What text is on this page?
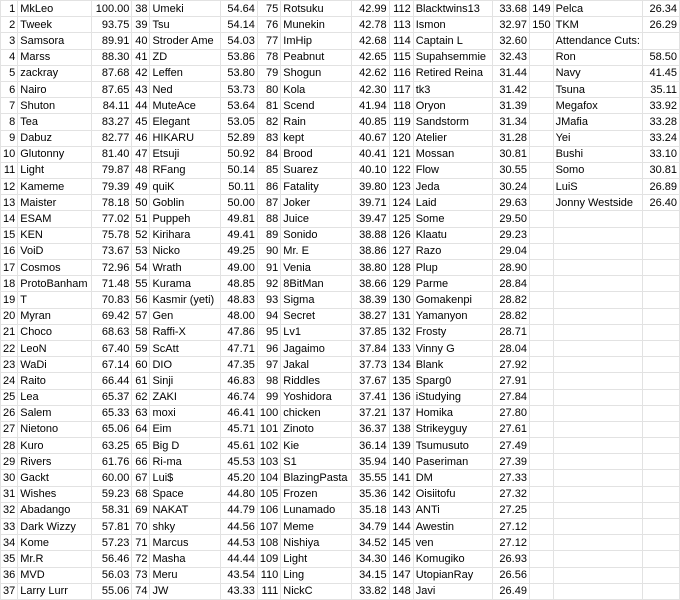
1	MkLeo	100.00	38	Umeki	54.64	75	Rotsuku	42.99	112	Blacktwins13	33.68	149	Pelca	26.34
2	Tweek	93.75	39	Tsu	54.14	76	Munekin	42.78	113	Ismon	32.97	150	TKM	26.29
3	Samsora	89.91	40	Stroder Ame	54.03	77	ImHip	42.68	114	Captain L	32.60		Attendance Cuts:	
4	Marss	88.30	41	ZD	53.86	78	Peabnut	42.65	115	Supahsemmie	32.43		Ron	58.50
5	zackray	87.68	42	Leffen	53.80	79	Shogun	42.62	116	Retired Reina	31.44		Navy	41.45
6	Nairo	87.65	43	Ned	53.73	80	Kola	42.30	117	tk3	31.42		Tsuna	35.11
7	Shuton	84.11	44	MuteAce	53.64	81	Scend	41.94	118	Oryon	31.39		Megafox	33.92
8	Tea	83.27	45	Elegant	53.05	82	Rain	40.85	119	Sandstorm	31.34		JMafia	33.28
9	Dabuz	82.77	46	HIKARU	52.89	83	kept	40.67	120	Atelier	31.28		Yei	33.24
10	Glutonny	81.40	47	Etsuji	50.92	84	Brood	40.41	121	Mossan	30.81		Bushi	33.10
11	Light	79.87	48	RFang	50.14	85	Suarez	40.10	122	Flow	30.55		Somo	30.81
12	Kameme	79.39	49	quiK	50.11	86	Fatality	39.80	123	Jeda	30.24		LuiS	26.89
13	Maister	78.18	50	Goblin	50.00	87	Joker	39.71	124	Laid	29.63		Jonny Westside	26.40
14	ESAM	77.02	51	Puppeh	49.81	88	Juice	39.47	125	Some	29.50			
15	KEN	75.78	52	Kirihara	49.41	89	Sonido	38.88	126	Klaatu	29.23			
16	VoiD	73.67	53	Nicko	49.25	90	Mr. E	38.86	127	Razo	29.04			
17	Cosmos	72.96	54	Wrath	49.00	91	Venia	38.80	128	Plup	28.90			
18	ProtoBanham	71.48	55	Kurama	48.85	92	8BitMan	38.66	129	Parme	28.84			
19	T	70.83	56	Kasmir (yeti)	48.83	93	Sigma	38.39	130	Gomakenpi	28.82			
20	Myran	69.42	57	Gen	48.00	94	Secret	38.27	131	Yamanyon	28.82			
21	Choco	68.63	58	Raffi-X	47.86	95	Lv1	37.85	132	Frosty	28.71			
22	LeoN	67.40	59	ScAtt	47.71	96	Jagaimo	37.84	133	Vinny G	28.04			
23	WaDi	67.14	60	DIO	47.35	97	Jakal	37.73	134	Blank	27.92			
24	Raito	66.44	61	Sinji	46.83	98	Riddles	37.67	135	Sparg0	27.91			
25	Lea	65.37	62	ZAKI	46.74	99	Yoshidora	37.41	136	iStudying	27.84			
26	Salem	65.33	63	moxi	46.41	100	chicken	37.21	137	Homika	27.80			
27	Nietono	65.06	64	Eim	45.71	101	Zinoto	36.37	138	Strikeyguy	27.61			
28	Kuro	63.25	65	Big D	45.61	102	Kie	36.14	139	Tsumusuto	27.49			
29	Rivers	61.76	66	Ri-ma	45.53	103	S1	35.94	140	Paseriman	27.39			
30	Gackt	60.00	67	Lui$	45.20	104	BlazingPasta	35.55	141	DM	27.33			
31	Wishes	59.23	68	Space	44.80	105	Frozen	35.36	142	Oisiitofu	27.32			
32	Abadango	58.31	69	NAKAT	44.79	106	Lunamado	35.18	143	ANTi	27.25			
33	Dark Wizzy	57.81	70	shky	44.56	107	Meme	34.79	144	Awestin	27.12			
34	Kome	57.23	71	Marcus	44.53	108	Nishiya	34.52	145	ven	27.12			
35	Mr.R	56.46	72	Masha	44.44	109	Light	34.30	146	Komugiko	26.93			
36	MVD	56.03	73	Meru	43.54	110	Ling	34.15	147	UtopianRay	26.56			
37	Larry Lurr	55.06	74	JW	43.33	111	NickC	33.82	148	Javi	26.49			
